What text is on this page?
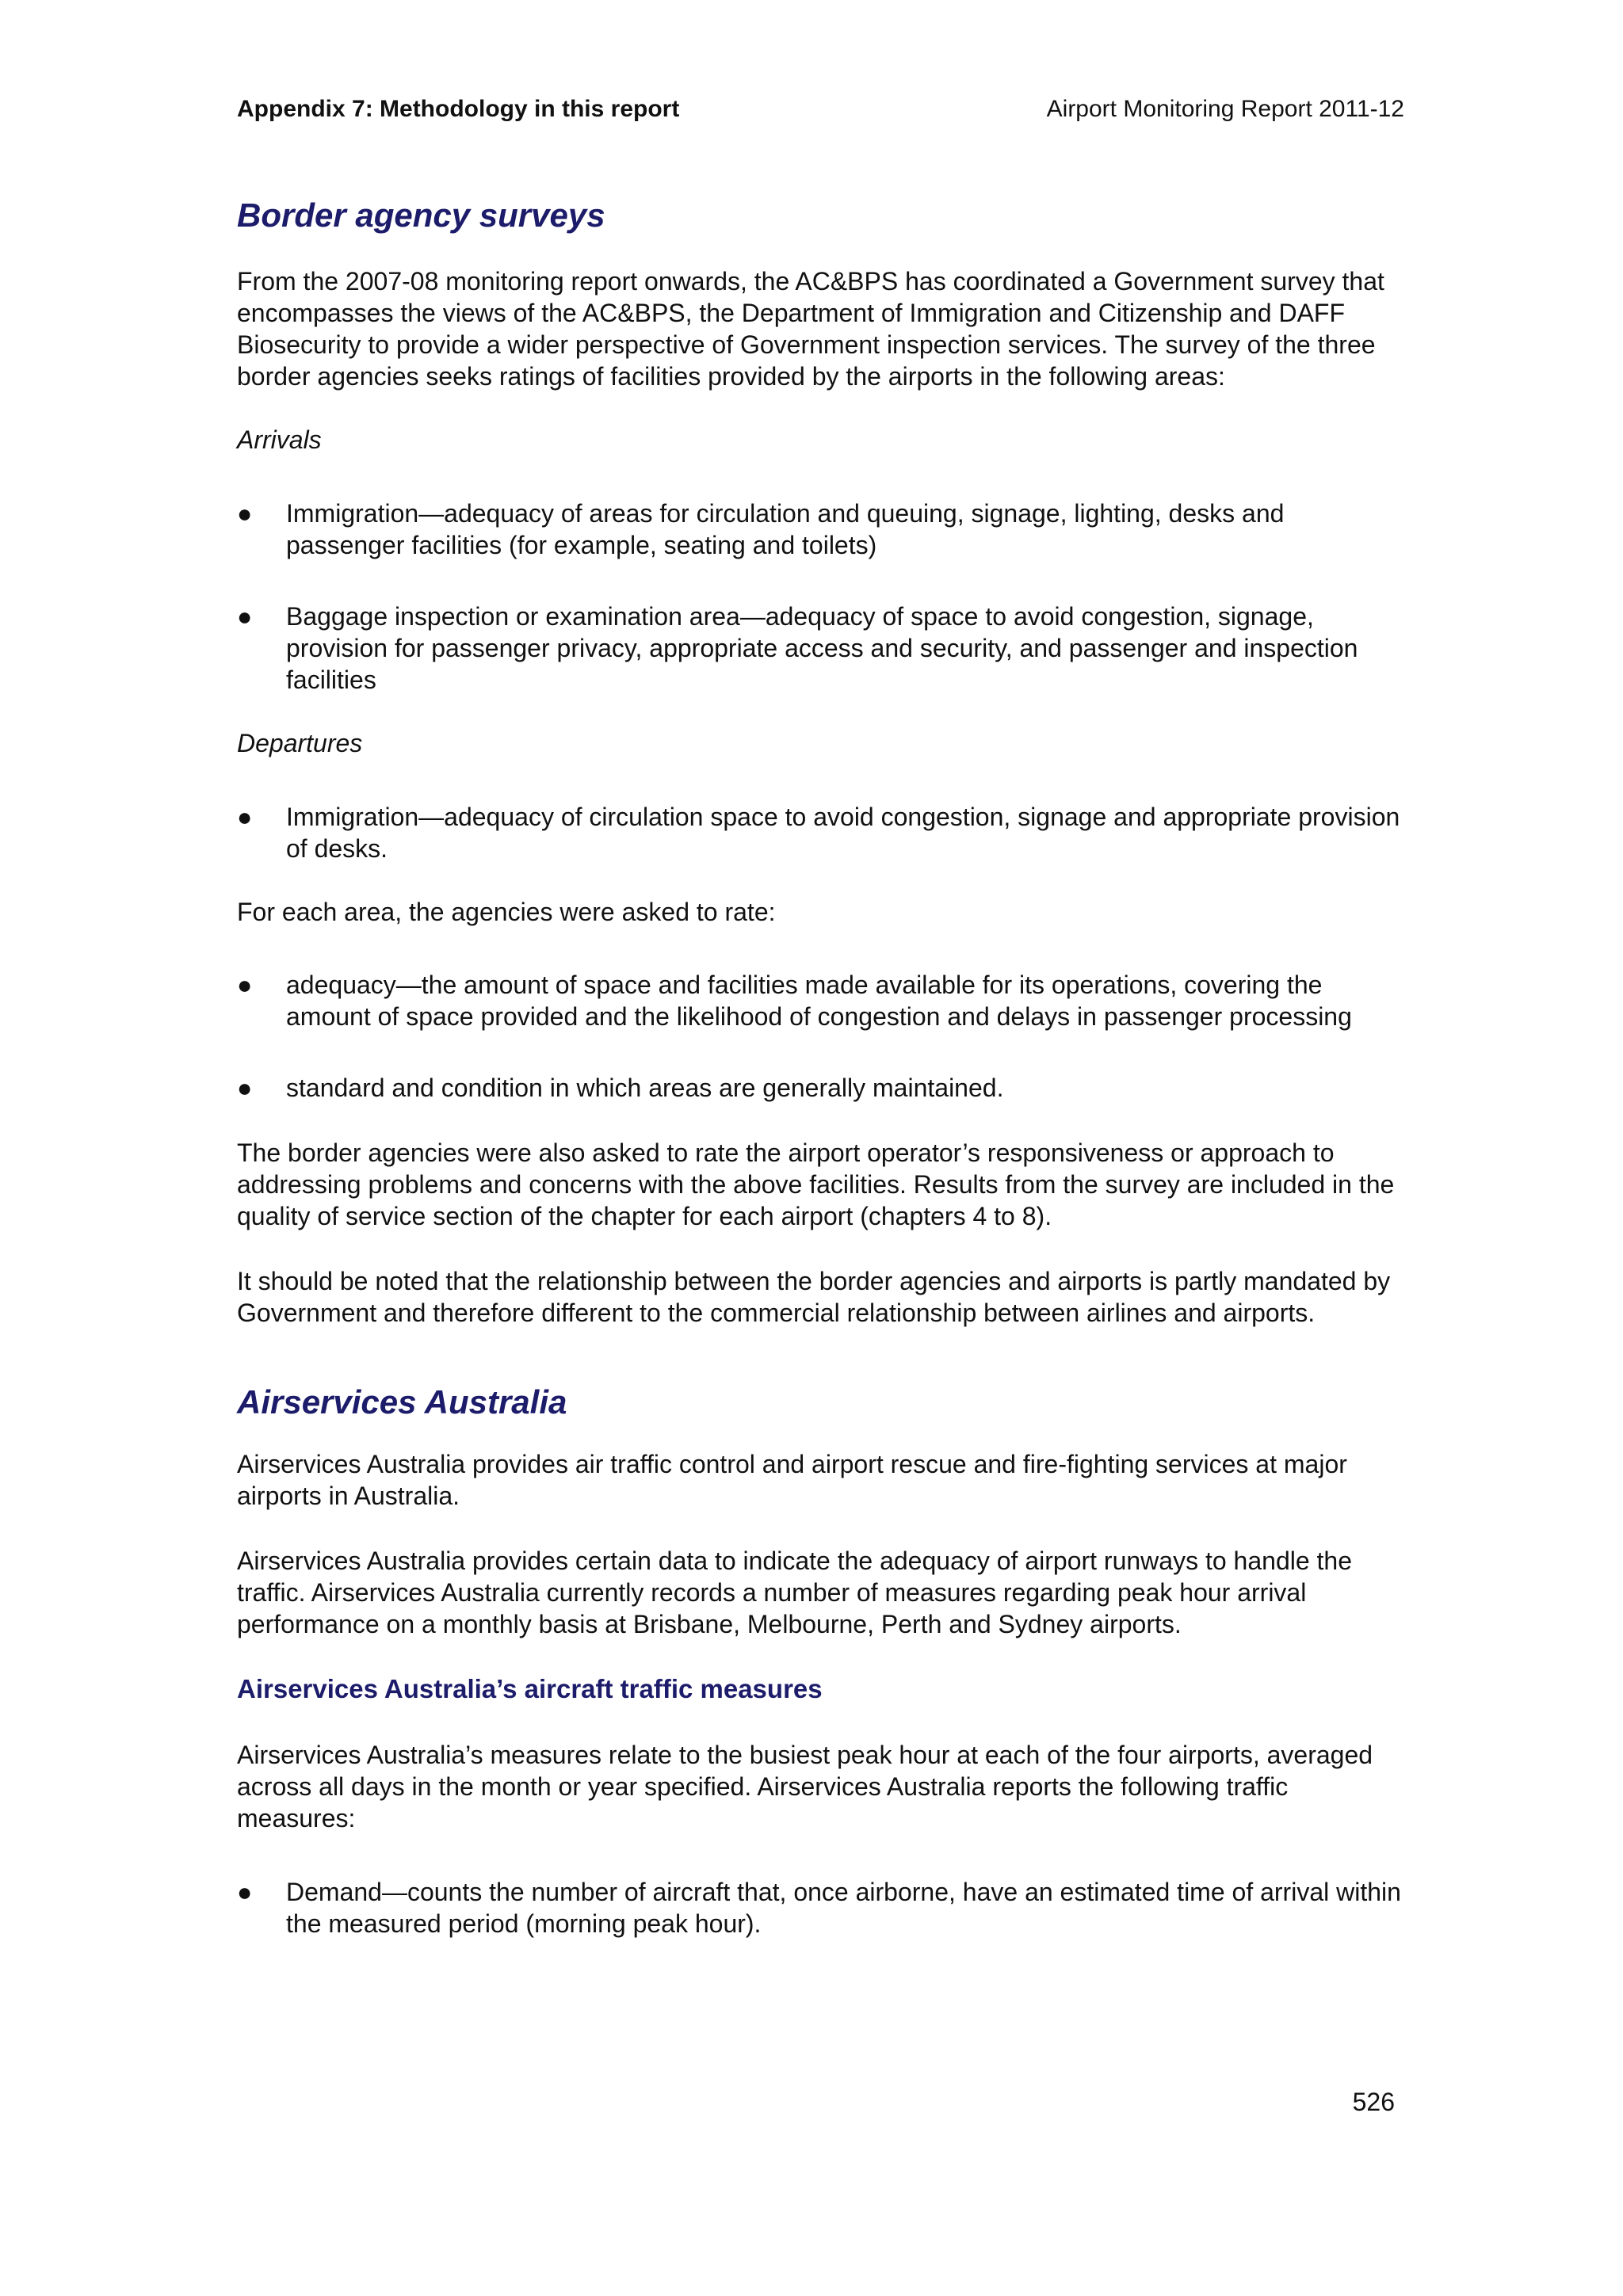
Appendix 7: Methodology in this report	Airport Monitoring Report 2011-12
Border agency surveys

From the 2007-08 monitoring report onwards, the AC&BPS has coordinated a Government survey that encompasses the views of the AC&BPS, the Department of Immigration and Citizenship and DAFF Biosecurity to provide a wider perspective of Government inspection services. The survey of the three border agencies seeks ratings of facilities provided by the airports in the following areas:

Arrivals

●	Immigration—adequacy of areas for circulation and queuing, signage, lighting, desks and passenger facilities (for example, seating and toilets)

●	Baggage inspection or examination area—adequacy of space to avoid congestion, signage, provision for passenger privacy, appropriate access and security, and passenger and inspection facilities

Departures

●	Immigration—adequacy of circulation space to avoid congestion, signage and appropriate provision of desks.

For each area, the agencies were asked to rate:

●	adequacy—the amount of space and facilities made available for its operations, covering the amount of space provided and the likelihood of congestion and delays in passenger processing

●	standard and condition in which areas are generally maintained.

The border agencies were also asked to rate the airport operator’s responsiveness or approach to addressing problems and concerns with the above facilities. Results from the survey are included in the quality of service section of the chapter for each airport (chapters 4 to 8).

It should be noted that the relationship between the border agencies and airports is partly mandated by Government and therefore different to the commercial relationship between airlines and airports.

Airservices Australia

Airservices Australia provides air traffic control and airport rescue and fire-fighting services at major airports in Australia.

Airservices Australia provides certain data to indicate the adequacy of airport runways to handle the traffic. Airservices Australia currently records a number of measures regarding peak hour arrival performance on a monthly basis at Brisbane, Melbourne, Perth and Sydney airports.

Airservices Australia’s aircraft traffic measures

Airservices Australia’s measures relate to the busiest peak hour at each of the four airports, averaged across all days in the month or year specified. Airservices Australia reports the following traffic measures:

●	Demand—counts the number of aircraft that, once airborne, have an estimated time of arrival within the measured period (morning peak hour).

526
